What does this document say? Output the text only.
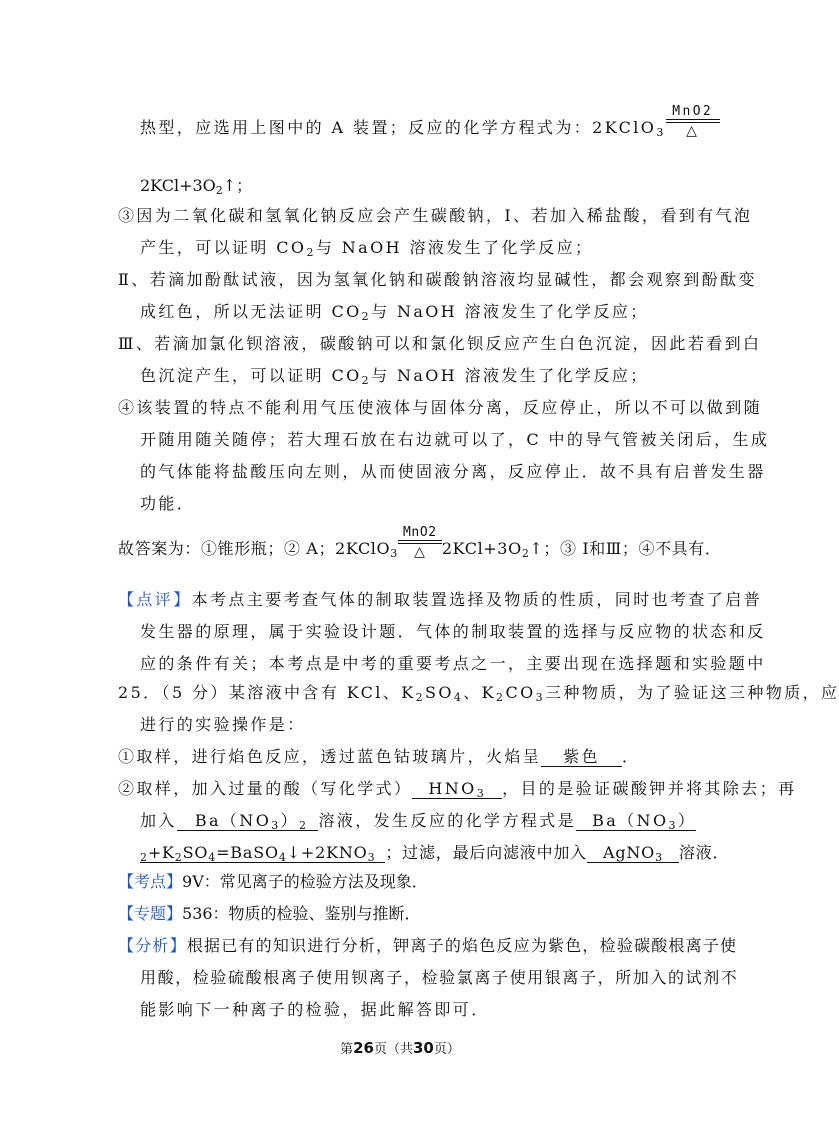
热型，应选用上图中的 A 装置；反应的化学方程式为：2KClO$_3$
MnO2
△
$2KCl+3O_2↑$；
③因为二氧化碳和氢氧化钠反应会产生碳酸钠，Ⅰ、若加入稀盐酸，看到有气泡
产生，可以证明 $CO_2$与 NaOH 溶液发生了化学反应；
Ⅱ、若滴加酚酞试液，因为氢氧化钠和碳酸钠溶液均显碱性，都会观察到酚酞变
成红色，所以无法证明 $CO_2$与 NaOH 溶液发生了化学反应；
Ⅲ、若滴加氯化钡溶液，碳酸钠可以和氯化钡反应产生白色沉淀，因此若看到白
色沉淀产生，可以证明 $CO_2$与 NaOH 溶液发生了化学反应；
④该装置的特点不能利用气压使液体与固体分离，反应停止，所以不可以做到随
开随用随关随停；若大理石放在右边就可以了，C 中的导气管被关闭后，生成
的气体能将盐酸压向左则，从而使固液分离，反应停止．故不具有启普发生器
功能．
故答案为：①锥形瓶；② A；2KClO$_3$
MnO2
△	$2KCl+3O_2↑$；③ Ⅰ和Ⅲ；④不具有．
【点评】本考点主要考查气体的制取装置选择及物质的性质，同时也考查了启普
发生器的原理，属于实验设计题．气体的制取装置的选择与反应物的状态和反
应的条件有关；本考点是中考的重要考点之一，主要出现在选择题和实验题中
25．（5 分）某溶液中含有 KCl、$K_2SO_4$、$K_2CO_3$三种物质，为了验证这三种物质，应
进行的实验操作是：
①取样，进行焰色反应，透过蓝色钴玻璃片，火焰呈 紫色 ．
②取样，加入过量的酸（写化学式） $HNO_3$ ，目的是验证碳酸钾并将其除去；再
加入 $Ba(NO_3)_2$ 溶液，发生反应的化学方程式是 $Ba(NO_3)$
$_2+K_2SO_4=BaSO_4↓+2KNO_3$ ；过滤，最后向滤液中加入 AgNO$_3$ 溶液．
【考点】9V：常见离子的检验方法及现象．
【专题】536：物质的检验、鉴别与推断．
【分析】根据已有的知识进行分析，钾离子的焰色反应为紫色，检验碳酸根离子使
用酸，检验硫酸根离子使用钡离子，检验氯离子使用银离子，所加入的试剂不
能影响下一种离子的检验，据此解答即可．
第26页（共30页）
